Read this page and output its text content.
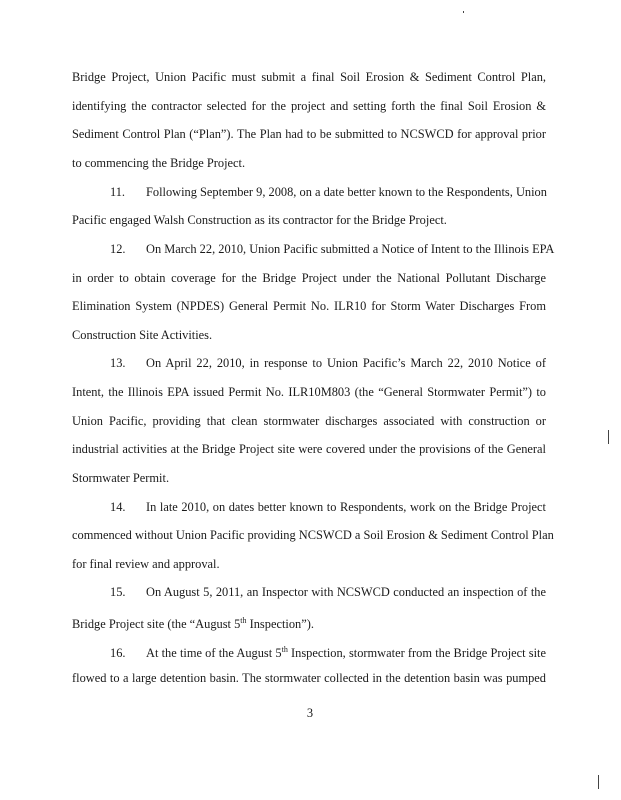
Bridge Project, Union Pacific must submit a final Soil Erosion & Sediment Control Plan,
identifying the contractor selected for the project and setting forth the final Soil Erosion &
Sediment Control Plan (“Plan”). The Plan had to be submitted to NCSWCD for approval prior
to commencing the Bridge Project.
11. Following September 9, 2008, on a date better known to the Respondents, Union
Pacific engaged Walsh Construction as its contractor for the Bridge Project.
12. On March 22, 2010, Union Pacific submitted a Notice of Intent to the Illinois EPA
in order to obtain coverage for the Bridge Project under the National Pollutant Discharge
Elimination System (NPDES) General Permit No. ILR10 for Storm Water Discharges From
Construction Site Activities.
13. On April 22, 2010, in response to Union Pacific’s March 22, 2010 Notice of
Intent, the Illinois EPA issued Permit No. ILR10M803 (the “General Stormwater Permit”) to
Union Pacific, providing that clean stormwater discharges associated with construction or
industrial activities at the Bridge Project site were covered under the provisions of the General
Stormwater Permit.
14. In late 2010, on dates better known to Respondents, work on the Bridge Project
commenced without Union Pacific providing NCSWCD a Soil Erosion & Sediment Control Plan
for final review and approval.
15. On August 5, 2011, an Inspector with NCSWCD conducted an inspection of the
Bridge Project site (the “August 5th Inspection”).
16. At the time of the August 5th Inspection, stormwater from the Bridge Project site
flowed to a large detention basin. The stormwater collected in the detention basin was pumped
3
